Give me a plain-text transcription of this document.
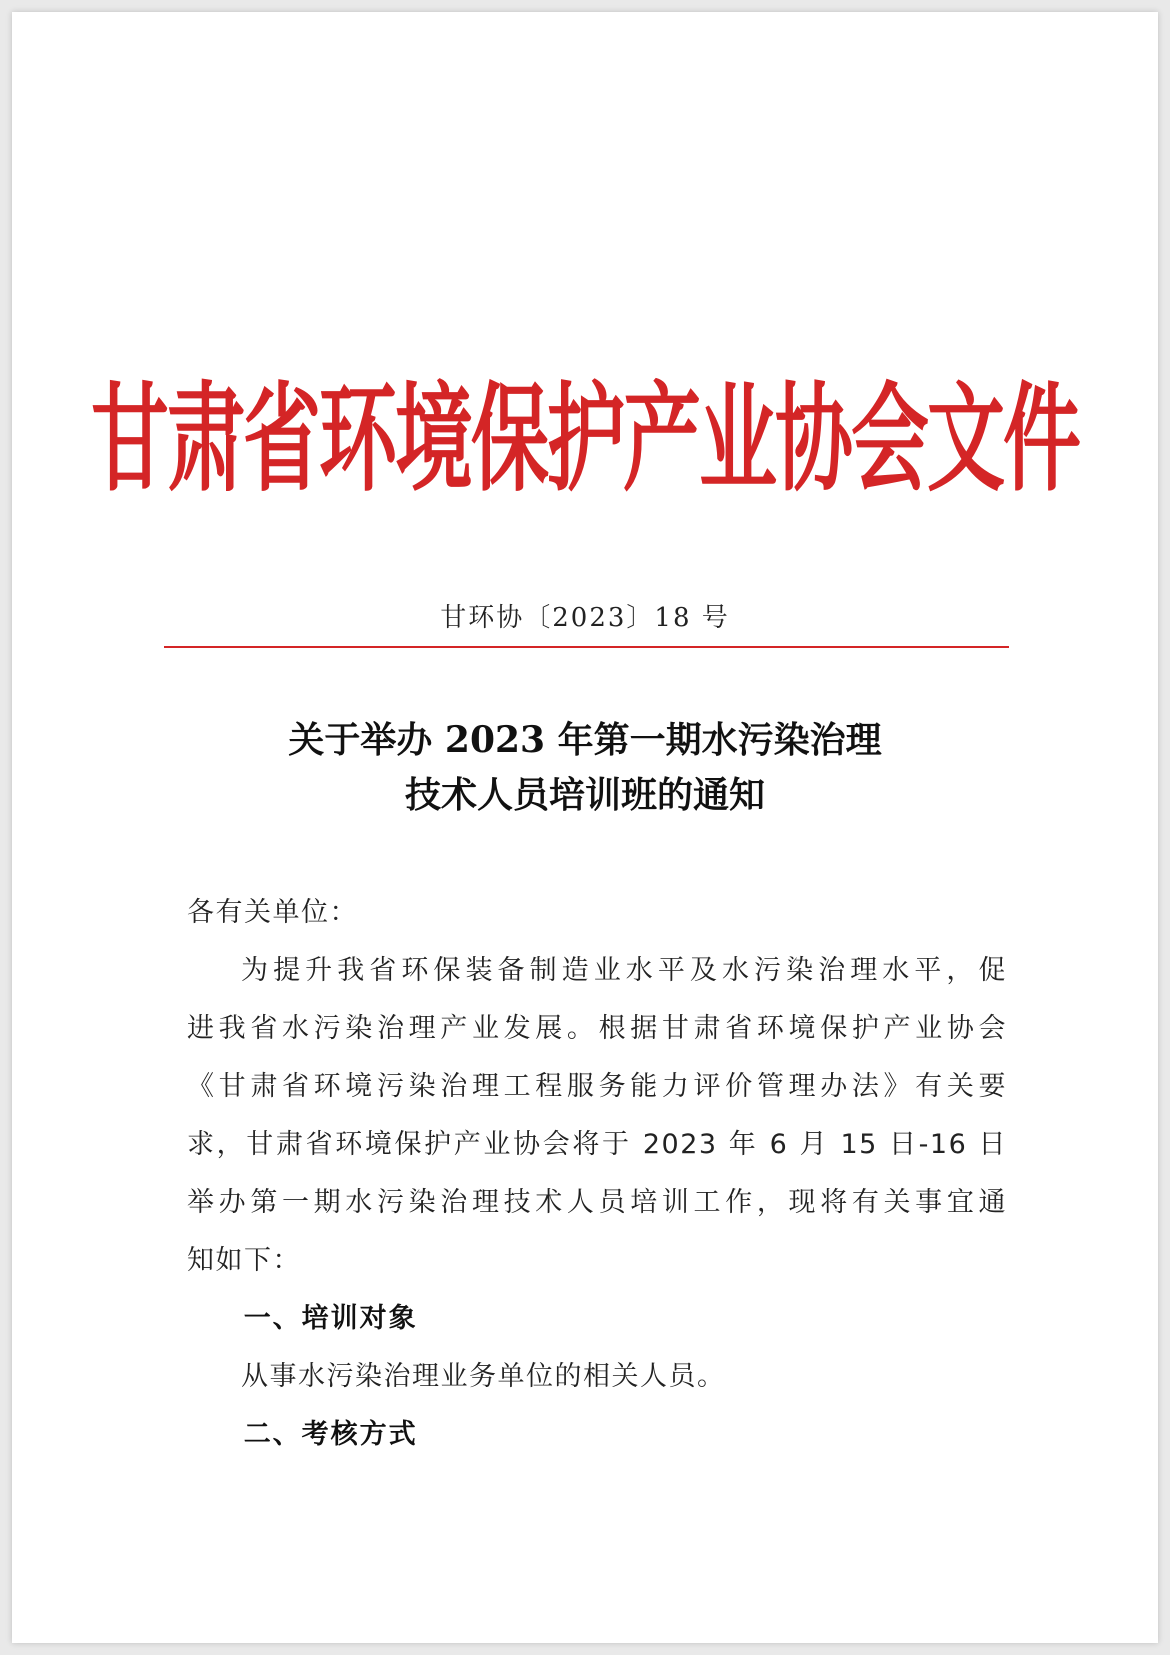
甘肃省环境保护产业协会文件
甘环协〔2023〕18 号
关于举办 2023 年第一期水污染治理
技术人员培训班的通知

各有关单位：

为提升我省环保装备制造业水平及水污染治理水平，促
进我省水污染治理产业发展。根据甘肃省环境保护产业协会
《甘肃省环境污染治理工程服务能力评价管理办法》有关要
求，甘肃省环境保护产业协会将于 2023 年 6 月 15 日-16 日
举办第一期水污染治理技术人员培训工作，现将有关事宜通
知如下：

一、培训对象

从事水污染治理业务单位的相关人员。

二、考核方式
